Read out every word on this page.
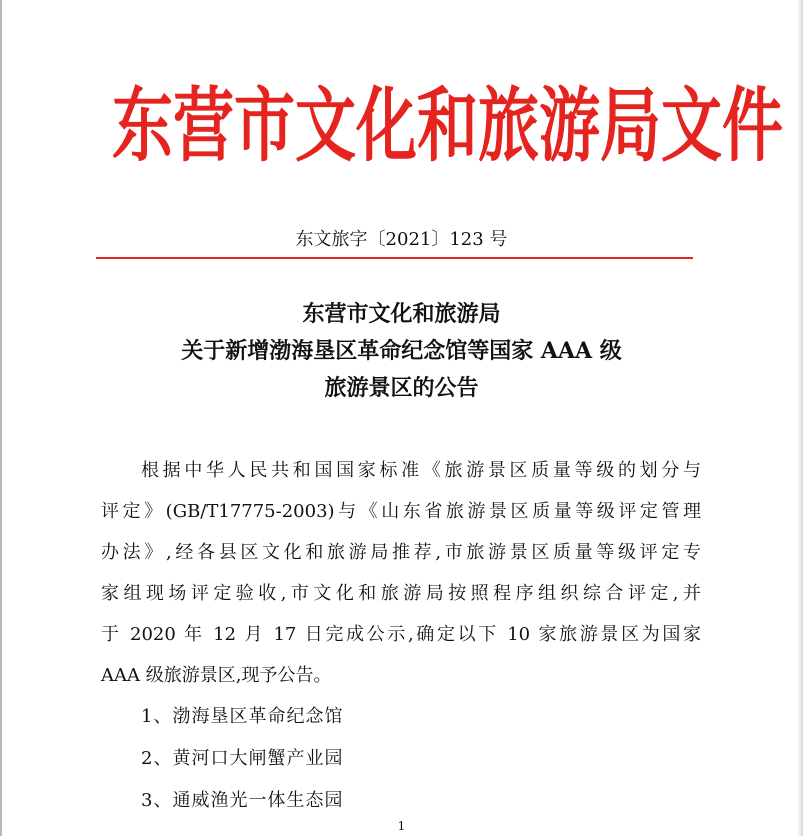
东营市文化和旅游局文件
东文旅字〔2021〕123 号
东营市文化和旅游局
关于新增渤海垦区革命纪念馆等国家 AAA 级
旅游景区的公告
根据中华人民共和国国家标准《旅游景区质量等级的划分与
评定》(GB/T17775-2003)与《山东省旅游景区质量等级评定管理
办法》,经各县区文化和旅游局推荐,市旅游景区质量等级评定专
家组现场评定验收,市文化和旅游局按照程序组织综合评定,并
于 2020 年 12 月 17 日完成公示,确定以下 10 家旅游景区为国家
AAA 级旅游景区,现予公告。
1、渤海垦区革命纪念馆
2、黄河口大闸蟹产业园
3、通威渔光一体生态园
1
